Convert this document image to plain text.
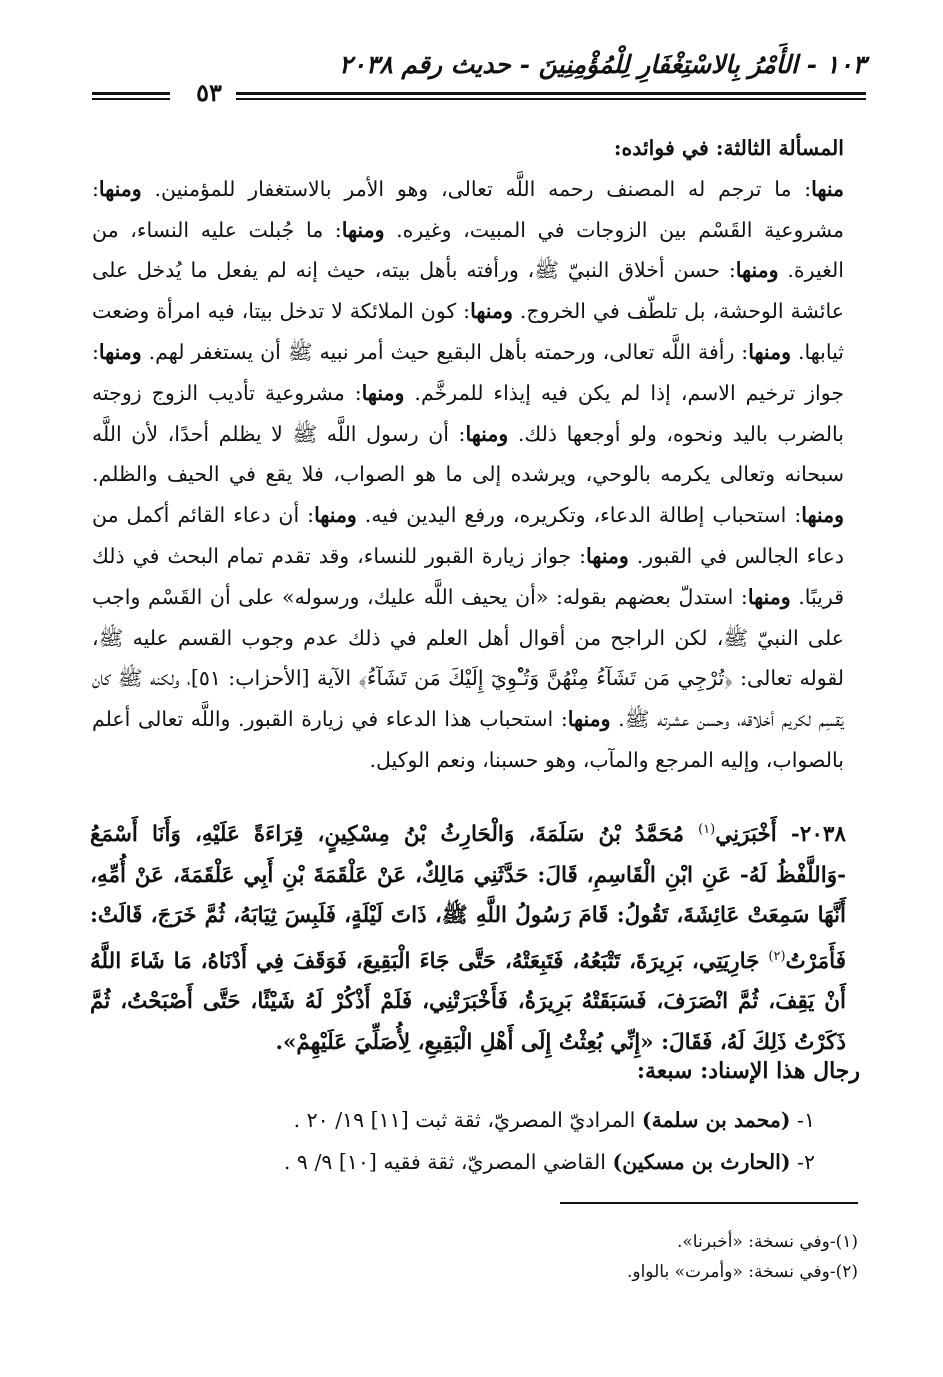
١٠٣ - الأَمْرُ بِالاسْتِغْفَارِ لِلْمُؤْمِنِينَ - حديث رقم ٢٠٣٨
٥٣

المسألة الثالثة: في فوائده:

منها: ما ترجم له المصنف رحمه اللَّه تعالى، وهو الأمر بالاستغفار للمؤمنين. ومنها: مشروعية القَسْم بين الزوجات في المبيت، وغيره. ومنها: ما جُبلت عليه النساء، من الغيرة. ومنها: حسن أخلاق النبيّ ﷺ، ورأفته بأهل بيته، حيث إنه لم يفعل ما يُدخل على عائشة الوحشة، بل تلطّف في الخروج. ومنها: كون الملائكة لا تدخل بيتا، فيه امرأة وضعت ثيابها. ومنها: رأفة اللَّه تعالى، ورحمته بأهل البقيع حيث أمر نبيه ﷺ أن يستغفر لهم. ومنها: جواز ترخيم الاسم، إذا لم يكن فيه إيذاء للمرخَّم. ومنها: مشروعية تأديب الزوج زوجته بالضرب باليد ونحوه، ولو أوجعها ذلك. ومنها: أن رسول اللَّه ﷺ لا يظلم أحدًا، لأن اللَّه سبحانه وتعالى يكرمه بالوحي، ويرشده إلى ما هو الصواب، فلا يقع في الحيف والظلم. ومنها: استحباب إطالة الدعاء، وتكريره، ورفع اليدين فيه. ومنها: أن دعاء القائم أكمل من دعاء الجالس في القبور. ومنها: جواز زيارة القبور للنساء، وقد تقدم تمام البحث في ذلك قريبًا. ومنها: استدلّ بعضهم بقوله: «أن يحيف اللَّه عليك، ورسوله» على أن القَسْم واجب على النبيّ ﷺ، لكن الراجح من أقوال أهل العلم في ذلك عدم وجوب القسم عليه ﷺ، لقوله تعالى: ﴿تُرْجِي مَن تَشَآءُ مِنْهُنَّ وَتُـْٔوِيٓ إِلَيْكَ مَن تَشَآءُ﴾ الآية [الأحزاب: ٥١]، ولكنه ﷺ كان يَقسِم لكريم أخلاقه، وحسن عشرته ﷺ. ومنها: استحباب هذا الدعاء في زيارة القبور. واللَّه تعالى أعلم بالصواب، وإليه المرجع والمآب، وهو حسبنا، ونعم الوكيل.

٢٠٣٨- أَخْبَرَنِي$^{(١)}$ مُحَمَّدُ بْنُ سَلَمَةَ، وَالْحَارِثُ بْنُ مِسْكِينٍ، قِرَاءَةً عَلَيْهِ، وَأَنَا أَسْمَعُ -وَاللَّفْظُ لَهُ- عَنِ ابْنِ الْقَاسِمِ، قَالَ: حَدَّثَنِي مَالِكٌ، عَنْ عَلْقَمَةَ بْنِ أَبِي عَلْقَمَةَ، عَنْ أُمِّهِ، أَنَّهَا سَمِعَتْ عَائِشَةَ، تَقُولُ: قَامَ رَسُولُ اللَّهِ ﷺ، ذَاتَ لَيْلَةٍ، فَلَبِسَ ثِيَابَهُ، ثُمَّ خَرَجَ، قَالَتْ: فَأَمَرْتُ$^{(٢)}$ جَارِيَتِي، بَرِيرَةَ، تَتْبَعُهُ، فَتَبِعَتْهُ، حَتَّى جَاءَ الْبَقِيعَ، فَوَقَفَ فِي أَدْنَاهُ، مَا شَاءَ اللَّهُ أَنْ يَقِفَ، ثُمَّ انْصَرَفَ، فَسَبَقَتْهُ بَرِيرَةُ، فَأَخْبَرَتْنِي، فَلَمْ أَذْكُرْ لَهُ شَيْئًا، حَتَّى أَصْبَحْتُ، ثُمَّ ذَكَرْتُ ذَلِكَ لَهُ، فَقَالَ: «إِنِّي بُعِثْتُ إِلَى أَهْلِ الْبَقِيعِ، لِأُصَلِّيَ عَلَيْهِمْ».

رجال هذا الإسناد: سبعة:
١- (محمد بن سلمة) المراديّ المصريّ، ثقة ثبت [١١] ١٩/ ٢٠ .
٢- (الحارث بن مسكين) القاضي المصريّ، ثقة فقيه [١٠] ٩/ ٩ .
(١)-وفي نسخة: «أخبرنا».
(٢)-وفي نسخة: «وأمرت» بالواو.
